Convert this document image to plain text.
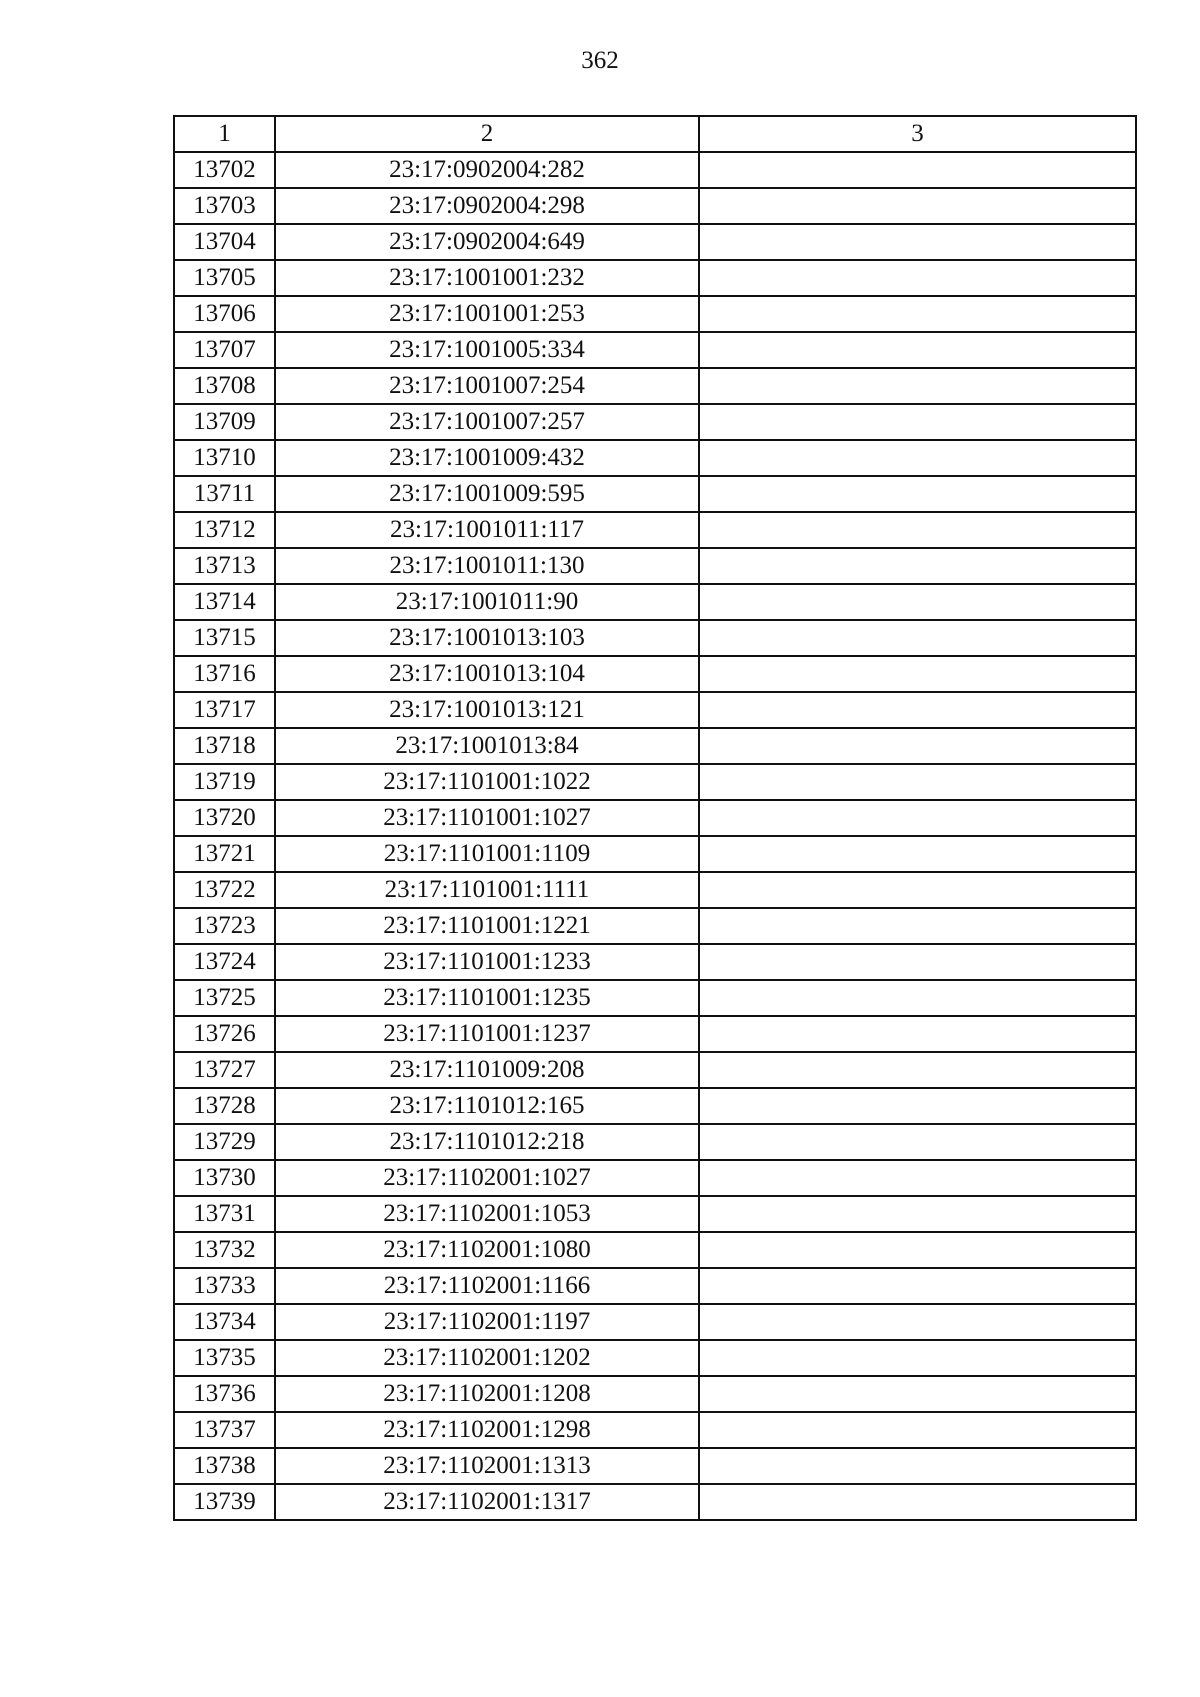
362
1	2	3
13702	23:17:0902004:282	
13703	23:17:0902004:298	
13704	23:17:0902004:649	
13705	23:17:1001001:232	
13706	23:17:1001001:253	
13707	23:17:1001005:334	
13708	23:17:1001007:254	
13709	23:17:1001007:257	
13710	23:17:1001009:432	
13711	23:17:1001009:595	
13712	23:17:1001011:117	
13713	23:17:1001011:130	
13714	23:17:1001011:90	
13715	23:17:1001013:103	
13716	23:17:1001013:104	
13717	23:17:1001013:121	
13718	23:17:1001013:84	
13719	23:17:1101001:1022	
13720	23:17:1101001:1027	
13721	23:17:1101001:1109	
13722	23:17:1101001:1111	
13723	23:17:1101001:1221	
13724	23:17:1101001:1233	
13725	23:17:1101001:1235	
13726	23:17:1101001:1237	
13727	23:17:1101009:208	
13728	23:17:1101012:165	
13729	23:17:1101012:218	
13730	23:17:1102001:1027	
13731	23:17:1102001:1053	
13732	23:17:1102001:1080	
13733	23:17:1102001:1166	
13734	23:17:1102001:1197	
13735	23:17:1102001:1202	
13736	23:17:1102001:1208	
13737	23:17:1102001:1298	
13738	23:17:1102001:1313	
13739	23:17:1102001:1317	
